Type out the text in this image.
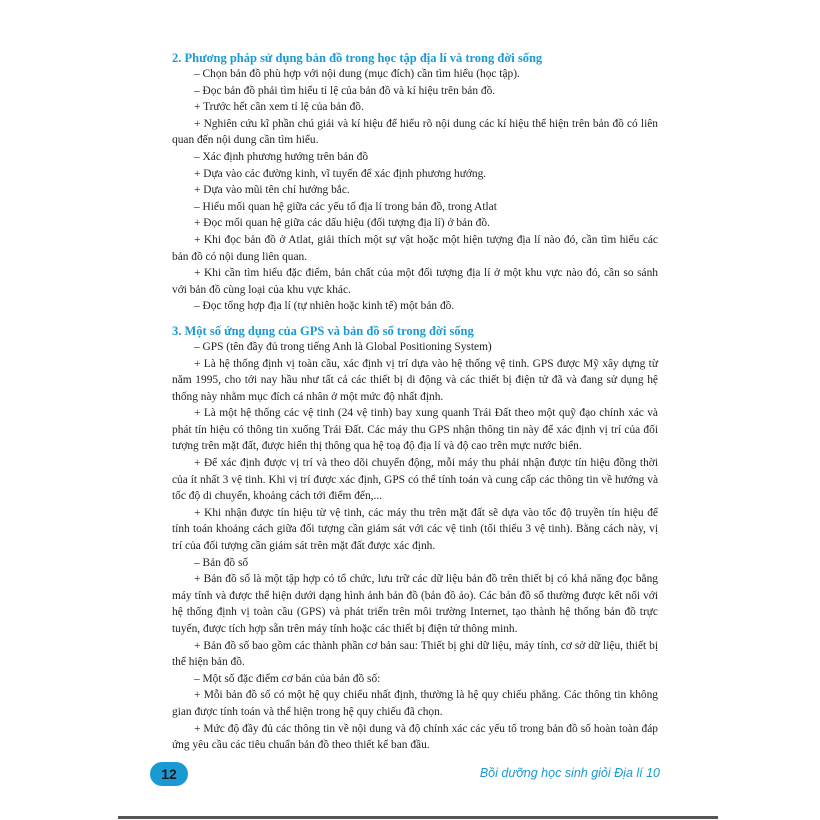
2. Phương pháp sử dụng bản đồ trong học tập địa lí và trong đời sống

– Chọn bản đồ phù hợp với nội dung (mục đích) cần tìm hiểu (học tập).

– Đọc bản đồ phải tìm hiểu tỉ lệ của bản đồ và kí hiệu trên bản đồ.

+ Trước hết cần xem tỉ lệ của bản đồ.

+ Nghiên cứu kĩ phần chú giải và kí hiệu để hiểu rõ nội dung các kí hiệu thể hiện trên bản đồ có liên quan đến nội dung cần tìm hiểu.

– Xác định phương hướng trên bản đồ

+ Dựa vào các đường kinh, vĩ tuyến để xác định phương hướng.

+ Dựa vào mũi tên chỉ hướng bắc.

– Hiểu mối quan hệ giữa các yếu tố địa lí trong bản đồ, trong Atlat

+ Đọc mối quan hệ giữa các dấu hiệu (đối tượng địa lí) ở bản đồ.

+ Khi đọc bản đồ ở Atlat, giải thích một sự vật hoặc một hiện tượng địa lí nào đó, cần tìm hiểu các bản đồ có nội dung liên quan.

+ Khi cần tìm hiểu đặc điểm, bản chất của một đối tượng địa lí ở một khu vực nào đó, cần so sánh với bản đồ cùng loại của khu vực khác.

– Đọc tổng hợp địa lí (tự nhiên hoặc kinh tế) một bản đồ.

3. Một số ứng dụng của GPS và bản đồ số trong đời sống

– GPS (tên đầy đủ trong tiếng Anh là Global Positioning System)

+ Là hệ thống định vị toàn cầu, xác định vị trí dựa vào hệ thống vệ tinh. GPS được Mỹ xây dựng từ năm 1995, cho tới nay hầu như tất cả các thiết bị di động và các thiết bị điện tử đã và đang sử dụng hệ thống này nhằm mục đích cá nhân ở một mức độ nhất định.

+ Là một hệ thống các vệ tinh (24 vệ tinh) bay xung quanh Trái Đất theo một quỹ đạo chính xác và phát tín hiệu có thông tin xuống Trái Đất. Các máy thu GPS nhận thông tin này để xác định vị trí của đối tượng trên mặt đất, được hiển thị thông qua hệ toạ độ địa lí và độ cao trên mực nước biển.

+ Để xác định được vị trí và theo dõi chuyển động, mỗi máy thu phải nhận được tín hiệu đồng thời của ít nhất 3 vệ tinh. Khi vị trí được xác định, GPS có thể tính toán và cung cấp các thông tin về hướng và tốc độ di chuyển, khoảng cách tới điểm đến,...

+ Khi nhận được tín hiệu từ vệ tinh, các máy thu trên mặt đất sẽ dựa vào tốc độ truyền tín hiệu để tính toán khoảng cách giữa đối tượng cần giám sát với các vệ tinh (tối thiểu 3 vệ tinh). Bằng cách này, vị trí của đối tượng cần giám sát trên mặt đất được xác định.

– Bản đồ số

+ Bản đồ số là một tập hợp có tổ chức, lưu trữ các dữ liệu bản đồ trên thiết bị có khả năng đọc bằng máy tính và được thể hiện dưới dạng hình ảnh bản đồ (bản đồ ảo). Các bản đồ số thường được kết nối với hệ thống định vị toàn cầu (GPS) và phát triển trên môi trường Internet, tạo thành hệ thống bản đồ trực tuyến, được tích hợp sẵn trên máy tính hoặc các thiết bị điện tử thông minh.

+ Bản đồ số bao gồm các thành phần cơ bản sau: Thiết bị ghi dữ liệu, máy tính, cơ sở dữ liệu, thiết bị thể hiện bản đồ.

– Một số đặc điểm cơ bản của bản đồ số:

+ Mỗi bản đồ số có một hệ quy chiếu nhất định, thường là hệ quy chiếu phẳng. Các thông tin không gian được tính toán và thể hiện trong hệ quy chiếu đã chọn.

+ Mức độ đầy đủ các thông tin về nội dung và độ chính xác các yếu tố trong bản đồ số hoàn toàn đáp ứng yêu cầu các tiêu chuẩn bản đồ theo thiết kế ban đầu.

12	Bồi dưỡng học sinh giỏi Địa lí 10
